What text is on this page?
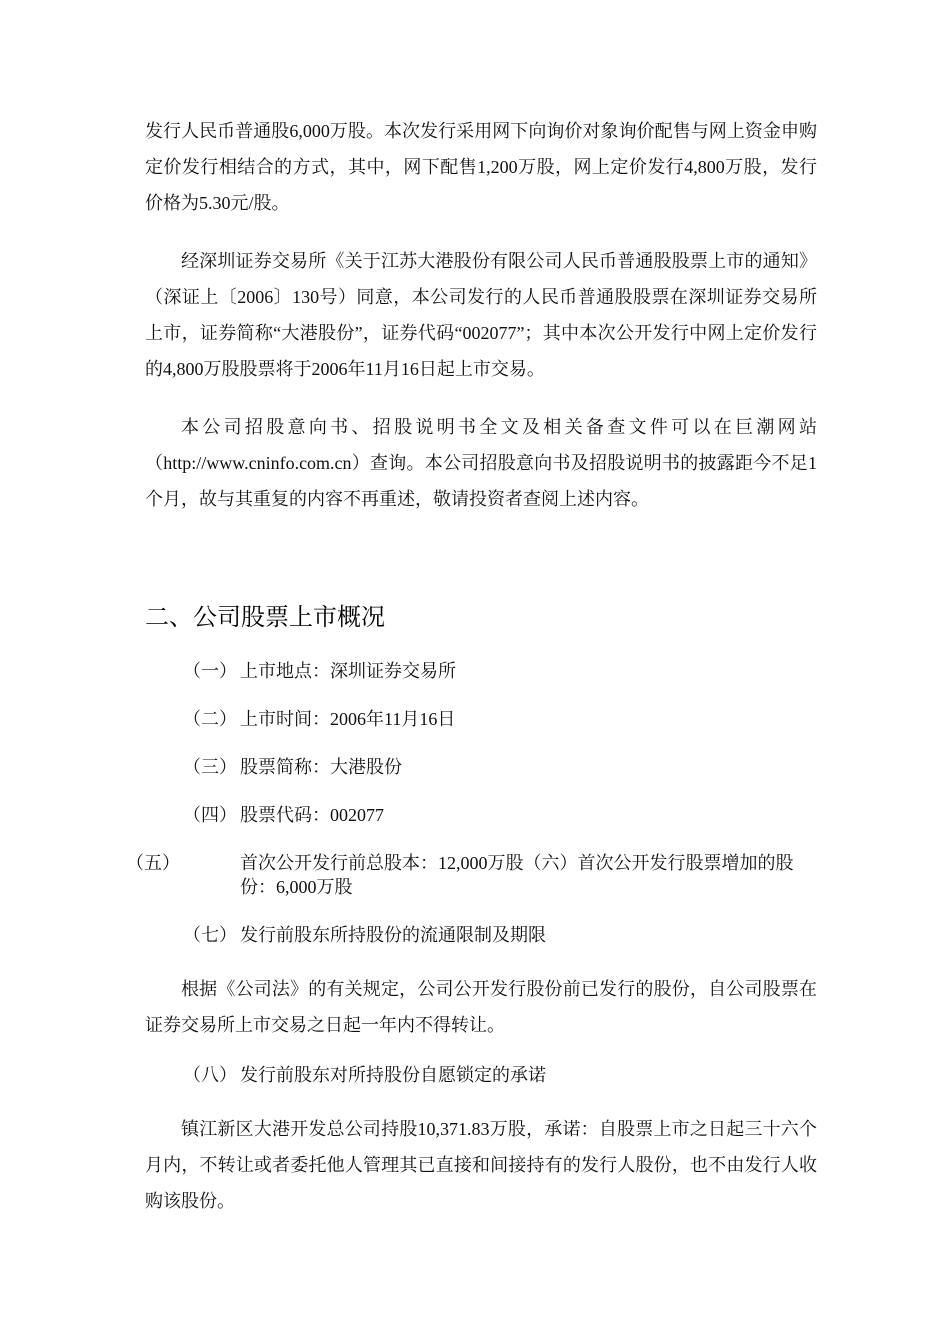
发行人民币普通股6,000万股。本次发行采用网下向询价对象询价配售与网上资金申购定价发行相结合的方式，其中，网下配售1,200万股，网上定价发行4,800万股，发行价格为5.30元/股。

经深圳证券交易所《关于江苏大港股份有限公司人民币普通股股票上市的通知》（深证上〔2006〕130号）同意，本公司发行的人民币普通股股票在深圳证券交易所上市，证券简称“大港股份”，证券代码“002077”；其中本次公开发行中网上定价发行的4,800万股股票将于2006年11月16日起上市交易。

本公司招股意向书、招股说明书全文及相关备查文件可以在巨潮网站（http://www.cninfo.com.cn）查询。本公司招股意向书及招股说明书的披露距今不足1个月，故与其重复的内容不再重述，敬请投资者查阅上述内容。

二、公司股票上市概况

（一） 上市地点：深圳证券交易所

（二） 上市时间：2006年11月16日

（三） 股票简称：大港股份

（四） 股票代码：002077

（五）	首次公开发行前总股本：12,000万股（六）首次公开发行股票增加的股份：6,000万股

（七） 发行前股东所持股份的流通限制及期限

根据《公司法》的有关规定，公司公开发行股份前已发行的股份，自公司股票在证券交易所上市交易之日起一年内不得转让。

（八） 发行前股东对所持股份自愿锁定的承诺

镇江新区大港开发总公司持股10,371.83万股，承诺：自股票上市之日起三十六个月内，不转让或者委托他人管理其已直接和间接持有的发行人股份，也不由发行人收购该股份。
